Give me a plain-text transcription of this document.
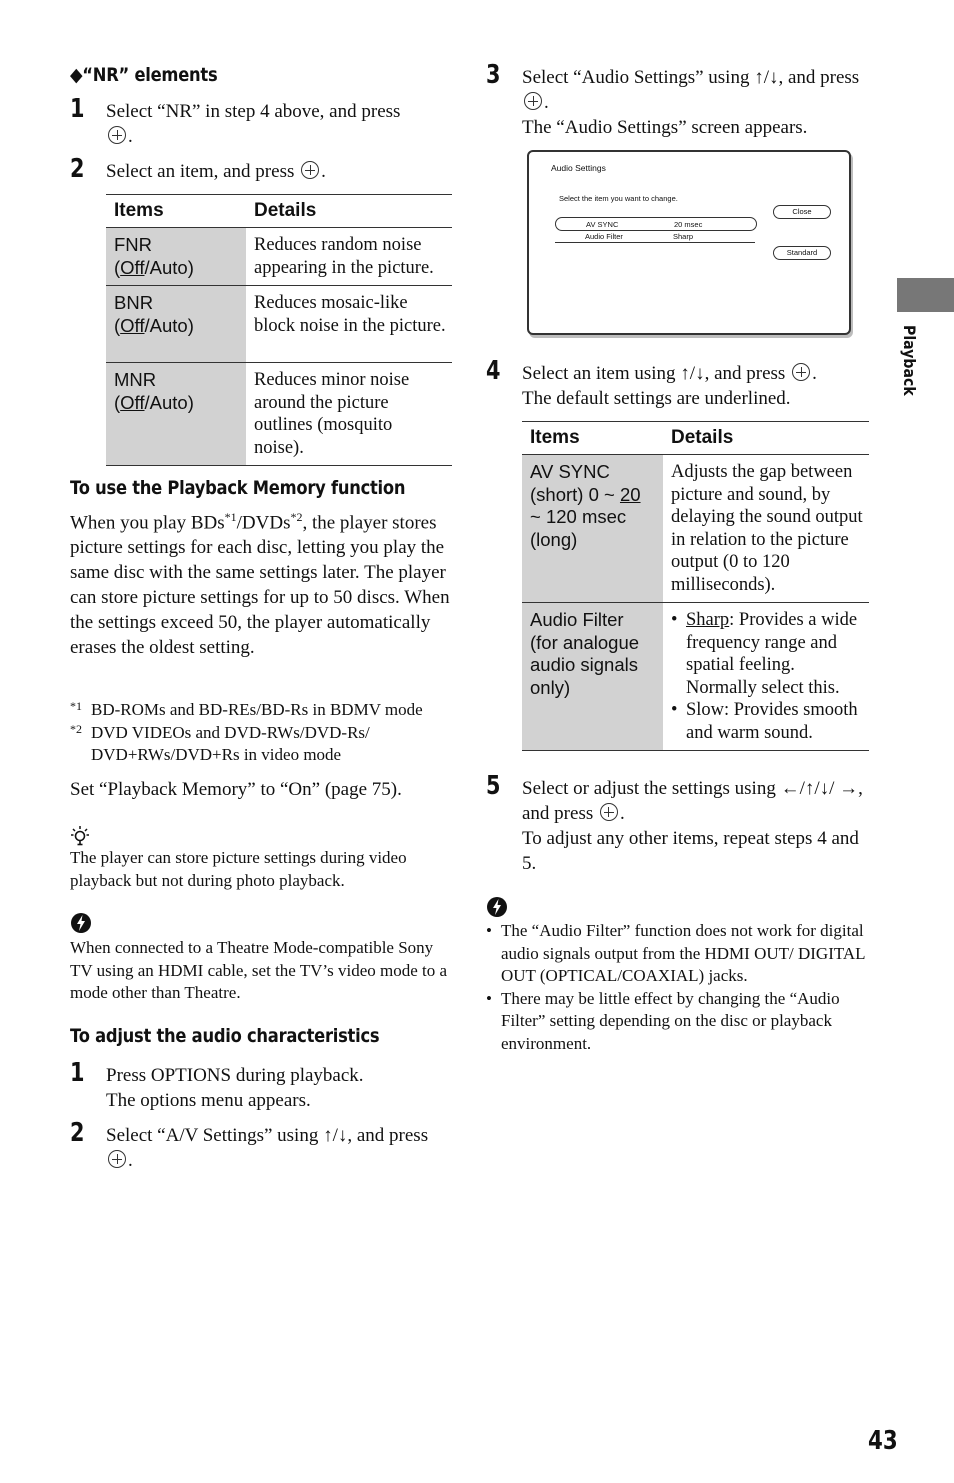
◆“NR” elements
1 Select “NR” in step 4 above, and press
.
2 Select an item, and press .
Items	Details
FNR
(Off/Auto)	Reduces random noise appearing in the picture.
BNR
(Off/Auto)	Reduces mosaic-like block noise in the picture.
MNR
(Off/Auto)	Reduces minor noise around the picture outlines (mosquito noise).
To use the Playback Memory function
When you play BDs$^{*1}$/DVDs$^{*2}$, the player stores picture settings for each disc, letting you play the same disc with the same settings later. The player can store picture settings for up to 50 discs. When the settings exceed 50, the player automatically erases the oldest setting.
*1 BD-ROMs and BD-REs/BD-Rs in BDMV mode
*2 DVD VIDEOs and DVD-RWs/DVD-Rs/ DVD+RWs/DVD+Rs in video mode
Set “Playback Memory” to “On” (page 75).
The player can store picture settings during video playback but not during photo playback.
When connected to a Theatre Mode-compatible Sony TV using an HDMI cable, set the TV’s video mode to a mode other than Theatre.
To adjust the audio characteristics
1 Press OPTIONS during playback.
The options menu appears.
2 Select “A/V Settings” using ↑/↓, and press .
3 Select “Audio Settings” using ↑/↓, and press .
The “Audio Settings” screen appears.
Audio Settings
Select the item you want to change.
AV SYNC	20 msec
Audio Filter	Sharp
Close
Standard
4 Select an item using ↑/↓, and press .
The default settings are underlined.
Items	Details
AV SYNC (short) 0 ~ 20 ~ 120 msec (long)	Adjusts the gap between picture and sound, by delaying the sound output in relation to the picture output (0 to 120 milliseconds).
Audio Filter (for analogue audio signals only)	• Sharp: Provides a wide frequency range and spatial feeling. Normally select this.
• Slow: Provides smooth and warm sound.
5 Select or adjust the settings using ←/↑/↓/ →, and press .
To adjust any other items, repeat steps 4 and 5.
• The “Audio Filter” function does not work for digital audio signals output from the HDMI OUT/ DIGITAL OUT (OPTICAL/COAXIAL) jacks.
• There may be little effect by changing the “Audio Filter” setting depending on the disc or playback environment.
Playback
43
